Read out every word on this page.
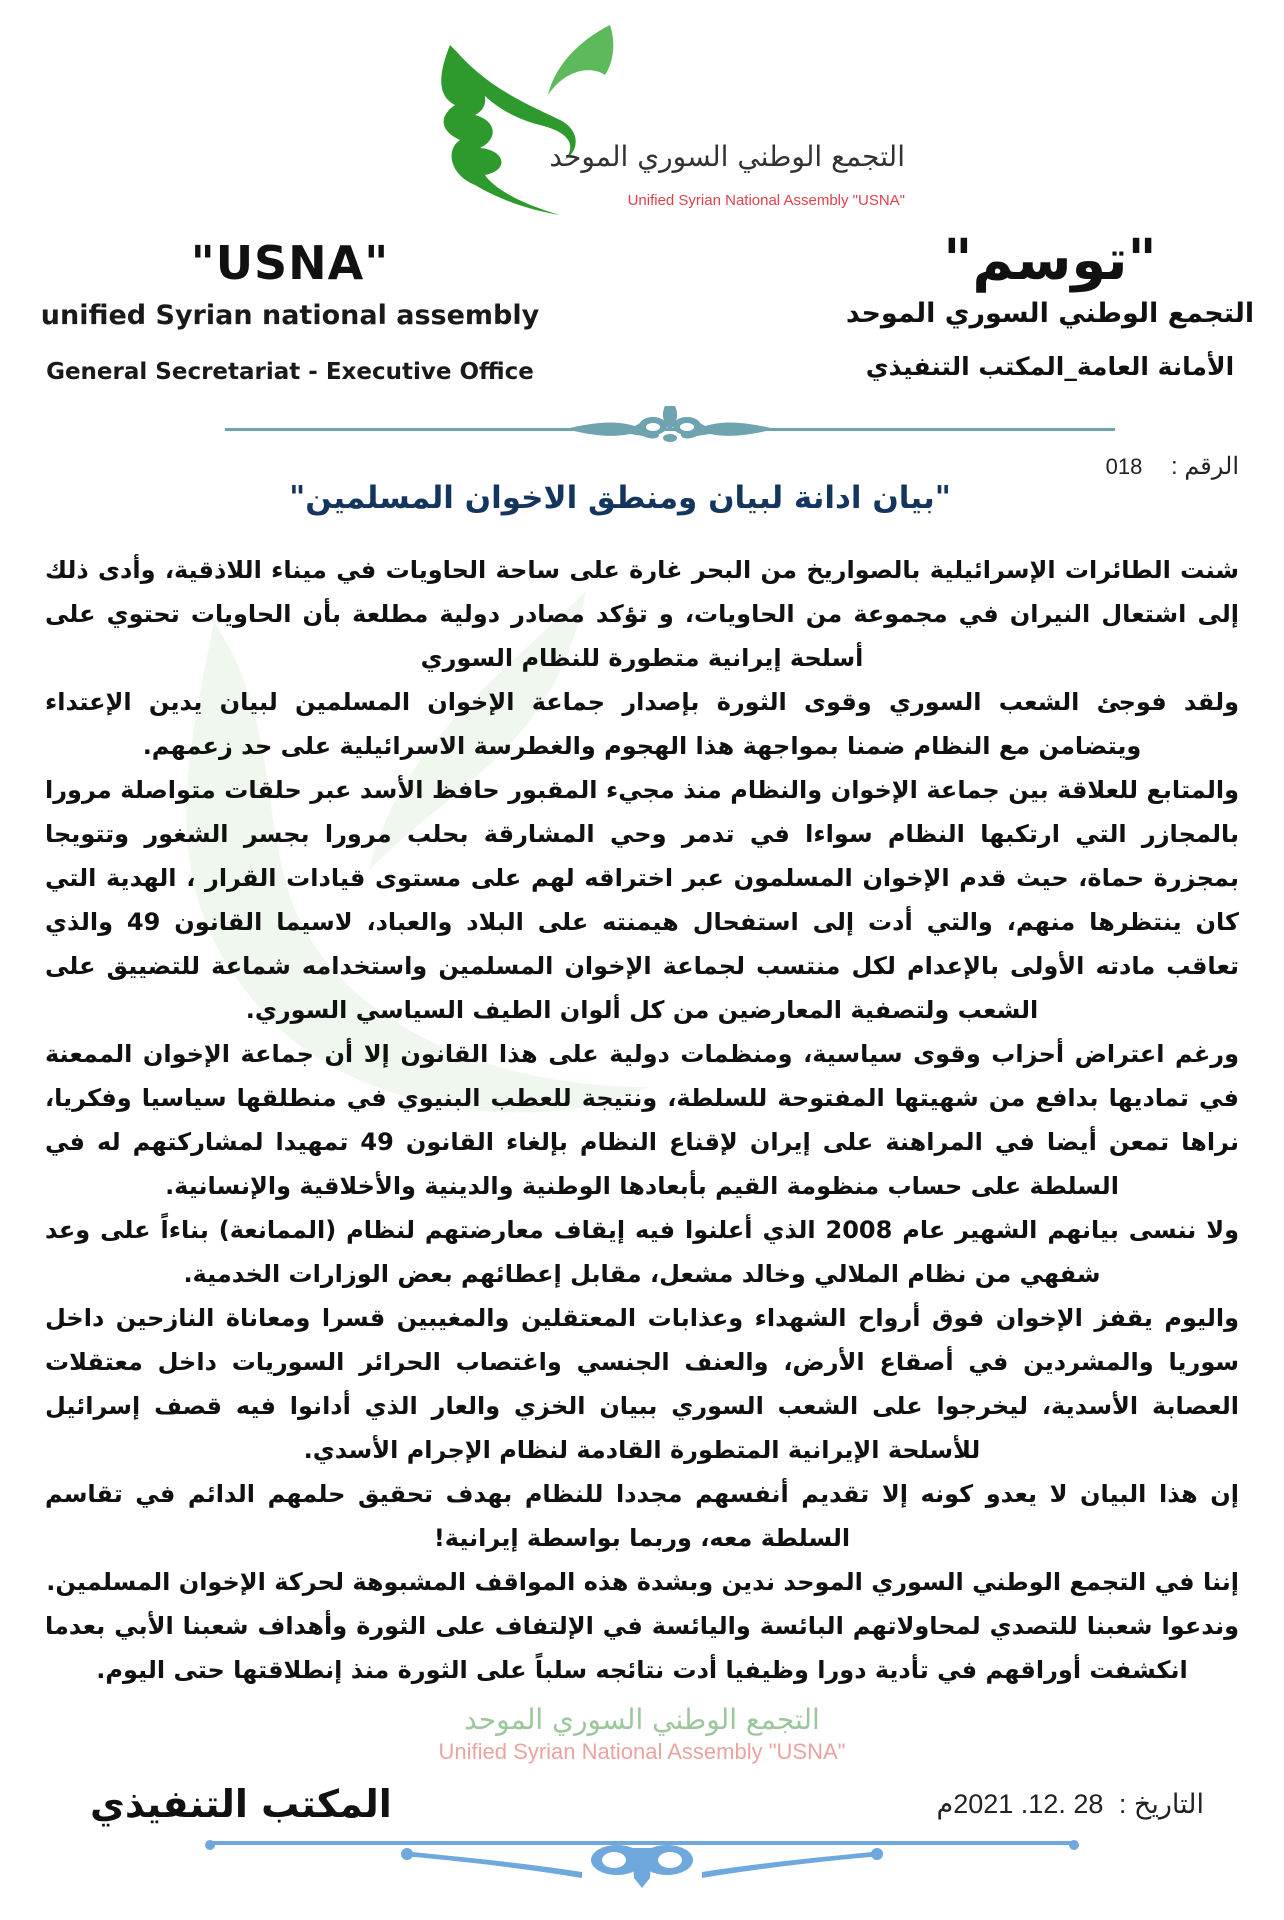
التجمع الوطني السوري الموحد
Unified Syrian National Assembly "USNA"
"USNA"
unified Syrian national assembly
General Secretariat - Executive Office
"توسم"
التجمع الوطني السوري الموحد
الأمانة العامة_المكتب التنفيذي
الرقم : 018
"بيان ادانة لبيان ومنطق الاخوان المسلمين"

شنت الطائرات الإسرائيلية بالصواريخ من البحر غارة على ساحة الحاويات في ميناء اللاذقية، وأدى ذلك إلى اشتعال النيران في مجموعة من الحاويات، و تؤكد مصادر دولية مطلعة بأن الحاويات تحتوي على أسلحة إيرانية متطورة للنظام السوري

ولقد فوجئ الشعب السوري وقوى الثورة بإصدار جماعة الإخوان المسلمين لبيان يدين الإعتداء ويتضامن مع النظام ضمنا بمواجهة هذا الهجوم والغطرسة الاسرائيلية على حد زعمهم.

والمتابع للعلاقة بين جماعة الإخوان والنظام منذ مجيء المقبور حافظ الأسد عبر حلقات متواصلة مرورا بالمجازر التي ارتكبها النظام سواءا في تدمر وحي المشارقة بحلب مرورا بجسر الشغور وتتويجا بمجزرة حماة، حيث قدم الإخوان المسلمون عبر اختراقه لهم على مستوى قيادات القرار ، الهدية التي كان ينتظرها منهم، والتي أدت إلى استفحال هيمنته على البلاد والعباد، لاسيما القانون 49 والذي تعاقب مادته الأولى بالإعدام لكل منتسب لجماعة الإخوان المسلمين واستخدامه شماعة للتضييق على الشعب ولتصفية المعارضين من كل ألوان الطيف السياسي السوري.

ورغم اعتراض أحزاب وقوى سياسية، ومنظمات دولية على هذا القانون إلا أن جماعة الإخوان الممعنة في تماديها بدافع من شهيتها المفتوحة للسلطة، ونتيجة للعطب البنيوي في منطلقها سياسيا وفكريا، نراها تمعن أيضا في المراهنة على إيران لإقناع النظام بإلغاء القانون 49 تمهيدا لمشاركتهم له في السلطة على حساب منظومة القيم بأبعادها الوطنية والدينية والأخلاقية والإنسانية.

ولا ننسى بيانهم الشهير عام 2008 الذي أعلنوا فيه إيقاف معارضتهم لنظام (الممانعة) بناءاً على وعد شفهي من نظام الملالي وخالد مشعل، مقابل إعطائهم بعض الوزارات الخدمية.

واليوم يقفز الإخوان فوق أرواح الشهداء وعذابات المعتقلين والمغيبين قسرا ومعاناة النازحين داخل سوريا والمشردين في أصقاع الأرض، والعنف الجنسي واغتصاب الحرائر السوريات داخل معتقلات العصابة الأسدية، ليخرجوا على الشعب السوري ببيان الخزي والعار الذي أدانوا فيه قصف إسرائيل للأسلحة الإيرانية المتطورة القادمة لنظام الإجرام الأسدي.

إن هذا البيان لا يعدو كونه إلا تقديم أنفسهم مجددا للنظام بهدف تحقيق حلمهم الدائم في تقاسم السلطة معه، وربما بواسطة إيرانية!

إننا في التجمع الوطني السوري الموحد ندين وبشدة هذه المواقف المشبوهة لحركة الإخوان المسلمين.

وندعوا شعبنا للتصدي لمحاولاتهم البائسة واليائسة في الإلتفاف على الثورة وأهداف شعبنا الأبي بعدما انكشفت أوراقهم في تأدية دورا وظيفيا أدت نتائجه سلباً على الثورة منذ إنطلاقتها حتى اليوم.

التجمع الوطني السوري الموحد
Unified Syrian National Assembly "USNA"
المكتب التنفيذي	التاريخ : 28 .12. 2021م
